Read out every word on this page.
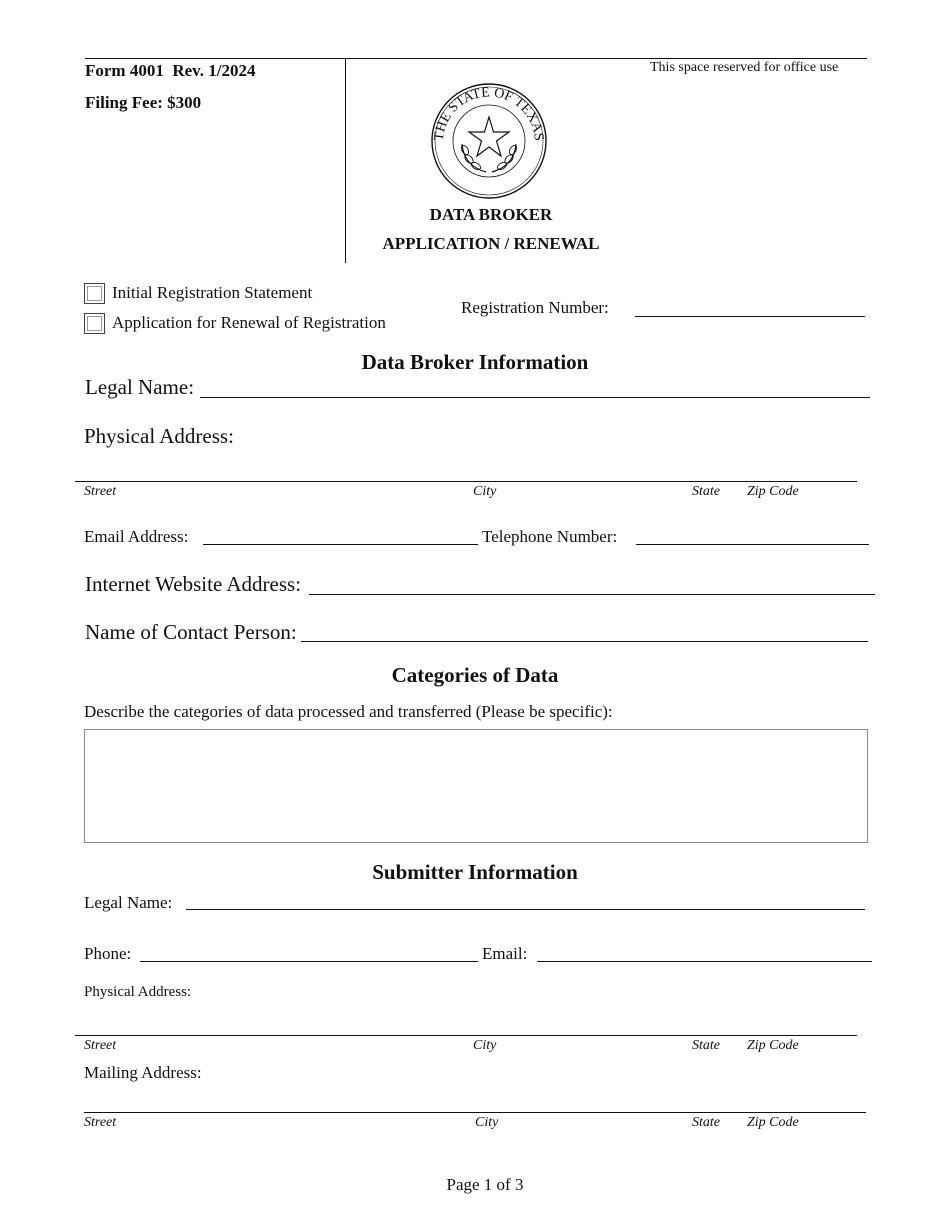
Form 4001  Rev. 1/2024
Filing Fee: $300
This space reserved for office use
THE STATE OF TEXAS
DATA BROKER
APPLICATION / RENEWAL
Initial Registration Statement
Application for Renewal of Registration
Registration Number:
Data Broker Information
Legal Name:
Physical Address:
Street	City	State Zip Code
Email Address:	Telephone Number:
Internet Website Address:
Name of Contact Person:
Categories of Data
Describe the categories of data processed and transferred (Please be specific):
Submitter Information
Legal Name:
Phone:	Email:
Physical Address:
Street	City	State Zip Code
Mailing Address:
Street	City	State Zip Code
Page 1 of 3
